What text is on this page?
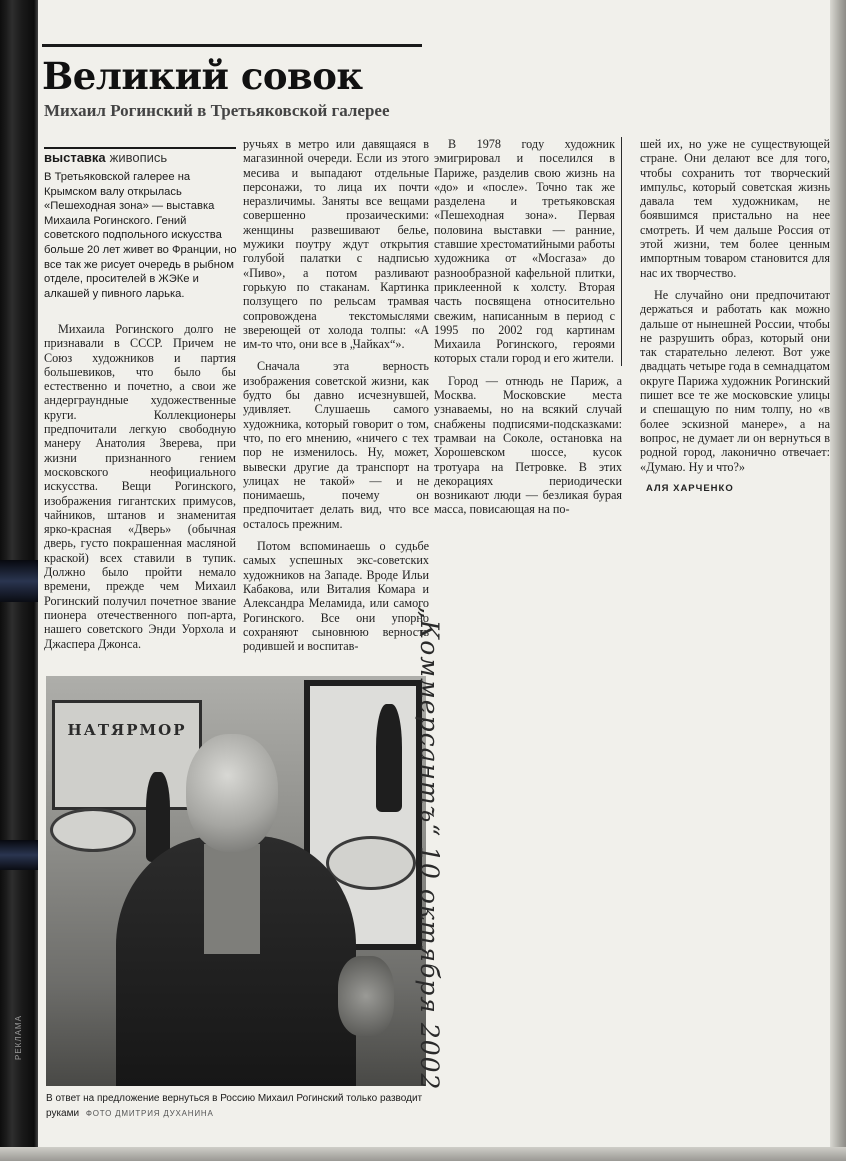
РЕКЛАМА
Великий совок
Михаил Рогинский в Третьяковской галерее
выставка живопись
В Третьяковской галерее на Крымском валу открылась «Пешеходная зона» — выставка Михаила Рогинского. Гений советского подпольного искусства больше 20 лет живет во Франции, но все так же рисует очередь в рыбном отделе, просителей в ЖЭКе и алкашей у пивного ларька.

Михаила Рогинского долго не признавали в СССР. Причем не Союз художников и партия большевиков, что было бы естественно и почетно, а свои же андерграундные художественные круги. Коллекционеры предпочитали легкую свободную манеру Анатолия Зверева, при жизни признанного гением московского неофициального искусства. Вещи Рогинского, изображения гигантских примусов, чайников, штанов и знаменитая ярко-красная «Дверь» (обычная дверь, густо покрашенная масляной краской) всех ставили в тупик. Должно было пройти немало времени, прежде чем Михаил Рогинский получил почетное звание пионера отечественного поп-арта, нашего советского Энди Уорхола и Джаспера Джонса.

ручьях в метро или давящаяся в магазинной очереди. Если из этого месива и выпадают отдельные персонажи, то лица их почти неразличимы. Заняты все вещами совершенно прозаическими: женщины развешивают белье, мужики поутру ждут открытия голубой палатки с надписью «Пиво», а потом разливают горькую по стаканам. Картинка ползущего по рельсам трамвая сопровождена текстомыслями звереющей от холода толпы: «А им-то что, они все в „Чайках“».

Сначала эта верность изображения советской жизни, как будто бы давно исчезнувшей, удивляет. Слушаешь самого художника, который говорит о том, что, по его мнению, «ничего с тех пор не изменилось. Ну, может, вывески другие да транспорт на улицах не такой» — и не понимаешь, почему он предпочитает делать вид, что все осталось прежним.

Потом вспоминаешь о судьбе самых успешных экс-советских художников на Западе. Вроде Ильи Кабакова, или Виталия Комара и Александра Меламида, или самого Рогинского. Все они упорно сохраняют сыновнюю верность родившей и воспитав-

В 1978 году художник эмигрировал и поселился в Париже, разделив свою жизнь на «до» и «после». Точно так же разделена и третьяковская «Пешеходная зона». Первая половина выставки — ранние, ставшие хрестоматийными работы художника от «Мосгаза» до разнообразной кафельной плитки, приклеенной к холсту. Вторая часть посвящена относительно свежим, написанным в период с 1995 по 2002 год картинам Михаила Рогинского, героями которых стали город и его жители.

Город — отнюдь не Париж, а Москва. Московские места узнаваемы, но на всякий случай снабжены подписями-подсказками: трамваи на Соколе, остановка на Хорошевском шоссе, кусок тротуара на Петровке. В этих декорациях периодически возникают люди — безликая бурая масса, повисающая на по-

шей их, но уже не существующей стране. Они делают все для того, чтобы сохранить тот творческий импульс, который советская жизнь давала тем художникам, не боявшимся пристально на нее смотреть. И чем дальше Россия от этой жизни, тем более ценным импортным товаром становится для нас их творчество.

Не случайно они предпочитают держаться и работать как можно дальше от нынешней России, чтобы не разрушить образ, который они так старательно лелеют. Вот уже двадцать четыре года в семнадцатом округе Парижа художник Рогинский пишет все те же московские улицы и спешащую по ним толпу, но «в более эскизной манере», а на вопрос, не думает ли он вернуться в родной город, лаконично отвечает: «Думаю. Ну и что?»

АЛЯ ХАРЧЕНКО

НАТЯРМОР
В ответ на предложение вернуться в Россию Михаил Рогинский только разводит руками ФОТО ДМИТРИЯ ДУХАНИНА
„Коммерсантъ“ 10 октября 2002
